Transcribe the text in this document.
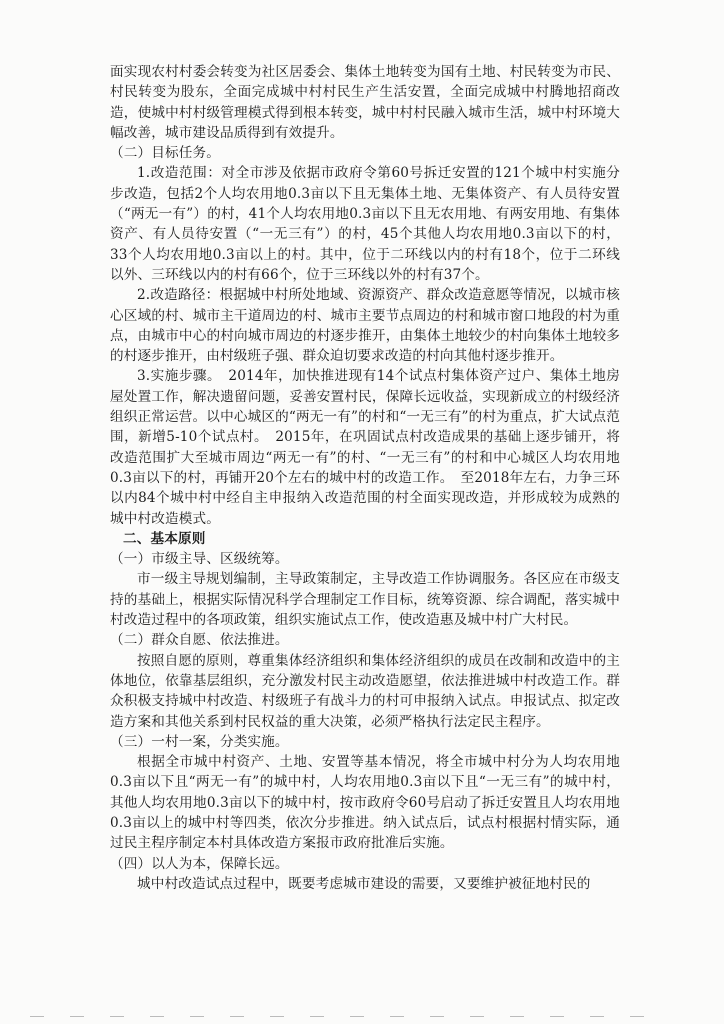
面实现农村村委会转变为社区居委会、集体土地转变为国有土地、村民转变为市民、村民转变为股东，全面完成城中村村民生产生活安置，全面完成城中村腾地招商改造，使城中村村级管理模式得到根本转变，城中村村民融入城市生活，城中村环境大幅改善，城市建设品质得到有效提升。

（二）目标任务。

1.改造范围：对全市涉及依据市政府令第60号拆迁安置的121个城中村实施分步改造，包括2个人均农用地0.3亩以下且无集体土地、无集体资产、有人员待安置（“两无一有”）的村，41个人均农用地0.3亩以下且无农用地、有两安用地、有集体资产、有人员待安置（“一无三有”）的村，45个其他人均农用地0.3亩以下的村，33个人均农用地0.3亩以上的村。其中，位于二环线以内的村有18个，位于二环线以外、三环线以内的村有66个，位于三环线以外的村有37个。

2.改造路径：根据城中村所处地域、资源资产、群众改造意愿等情况，以城市核心区域的村、城市主干道周边的村、城市主要节点周边的村和城市窗口地段的村为重点，由城市中心的村向城市周边的村逐步推开，由集体土地较少的村向集体土地较多的村逐步推开，由村级班子强、群众迫切要求改造的村向其他村逐步推开。

3.实施步骤。　2014年，加快推进现有14个试点村集体资产过户、集体土地房屋处置工作，解决遗留问题，妥善安置村民，保障长远收益，实现新成立的村级经济组织正常运营。以中心城区的“两无一有”的村和“一无三有”的村为重点，扩大试点范围，新增5-10个试点村。　2015年，在巩固试点村改造成果的基础上逐步铺开，将改造范围扩大至城市周边“两无一有”的村、“一无三有”的村和中心城区人均农用地0.3亩以下的村，再铺开20个左右的城中村的改造工作。　至2018年左右，力争三环以内84个城中村中经自主申报纳入改造范围的村全面实现改造，并形成较为成熟的城中村改造模式。

二、基本原则

（一）市级主导、区级统筹。

市一级主导规划编制，主导政策制定，主导改造工作协调服务。各区应在市级支持的基础上，根据实际情况科学合理制定工作目标，统筹资源、综合调配，落实城中村改造过程中的各项政策，组织实施试点工作，使改造惠及城中村广大村民。

（二）群众自愿、依法推进。

按照自愿的原则，尊重集体经济组织和集体经济组织的成员在改制和改造中的主体地位，依靠基层组织，充分激发村民主动改造愿望，依法推进城中村改造工作。群众积极支持城中村改造、村级班子有战斗力的村可申报纳入试点。申报试点、拟定改造方案和其他关系到村民权益的重大决策，必须严格执行法定民主程序。

（三）一村一案，分类实施。

根据全市城中村资产、土地、安置等基本情况，将全市城中村分为人均农用地0.3亩以下且“两无一有”的城中村，人均农用地0.3亩以下且“一无三有”的城中村，其他人均农用地0.3亩以下的城中村，按市政府令60号启动了拆迁安置且人均农用地0.3亩以上的城中村等四类，依次分步推进。纳入试点后，试点村根据村情实际，通过民主程序制定本村具体改造方案报市政府批准后实施。

（四）以人为本，保障长远。

城中村改造试点过程中，既要考虑城市建设的需要，又要维护被征地村民的
